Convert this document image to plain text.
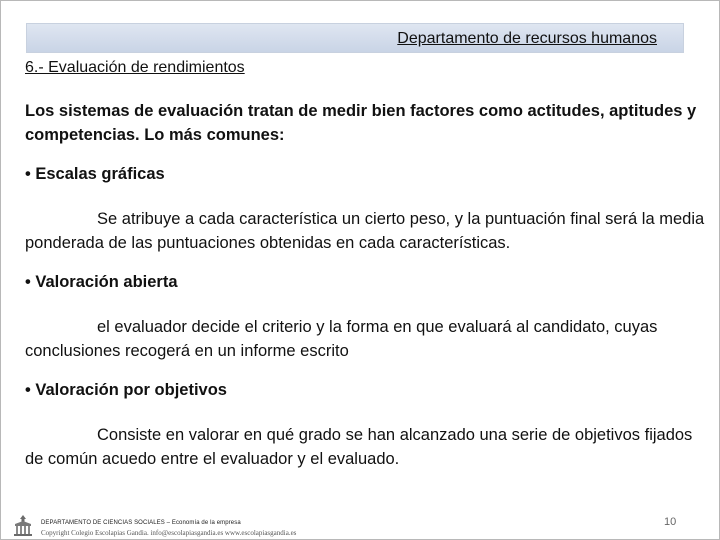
Departamento de recursos humanos
6.- Evaluación de rendimientos
Los sistemas de evaluación tratan de medir bien factores como actitudes, aptitudes y competencias. Lo más comunes:
• Escalas gráficas
Se atribuye a cada característica un cierto peso, y la puntuación final será la media ponderada de las puntuaciones obtenidas en cada características.
• Valoración abierta
el evaluador decide el criterio y la forma en que evaluará al candidato, cuyas conclusiones recogerá en un informe escrito
• Valoración por objetivos
Consiste en valorar en qué grado se han alcanzado una serie de objetivos fijados de común acuedo entre el evaluador y el evaluado.
DEPARTAMENTO DE CIENCIAS SOCIALES – Economía de la empresa
Copyright Colegio Escolapias Gandia. info@escolapiasgandia.es www.escolapiasgandia.es
10
